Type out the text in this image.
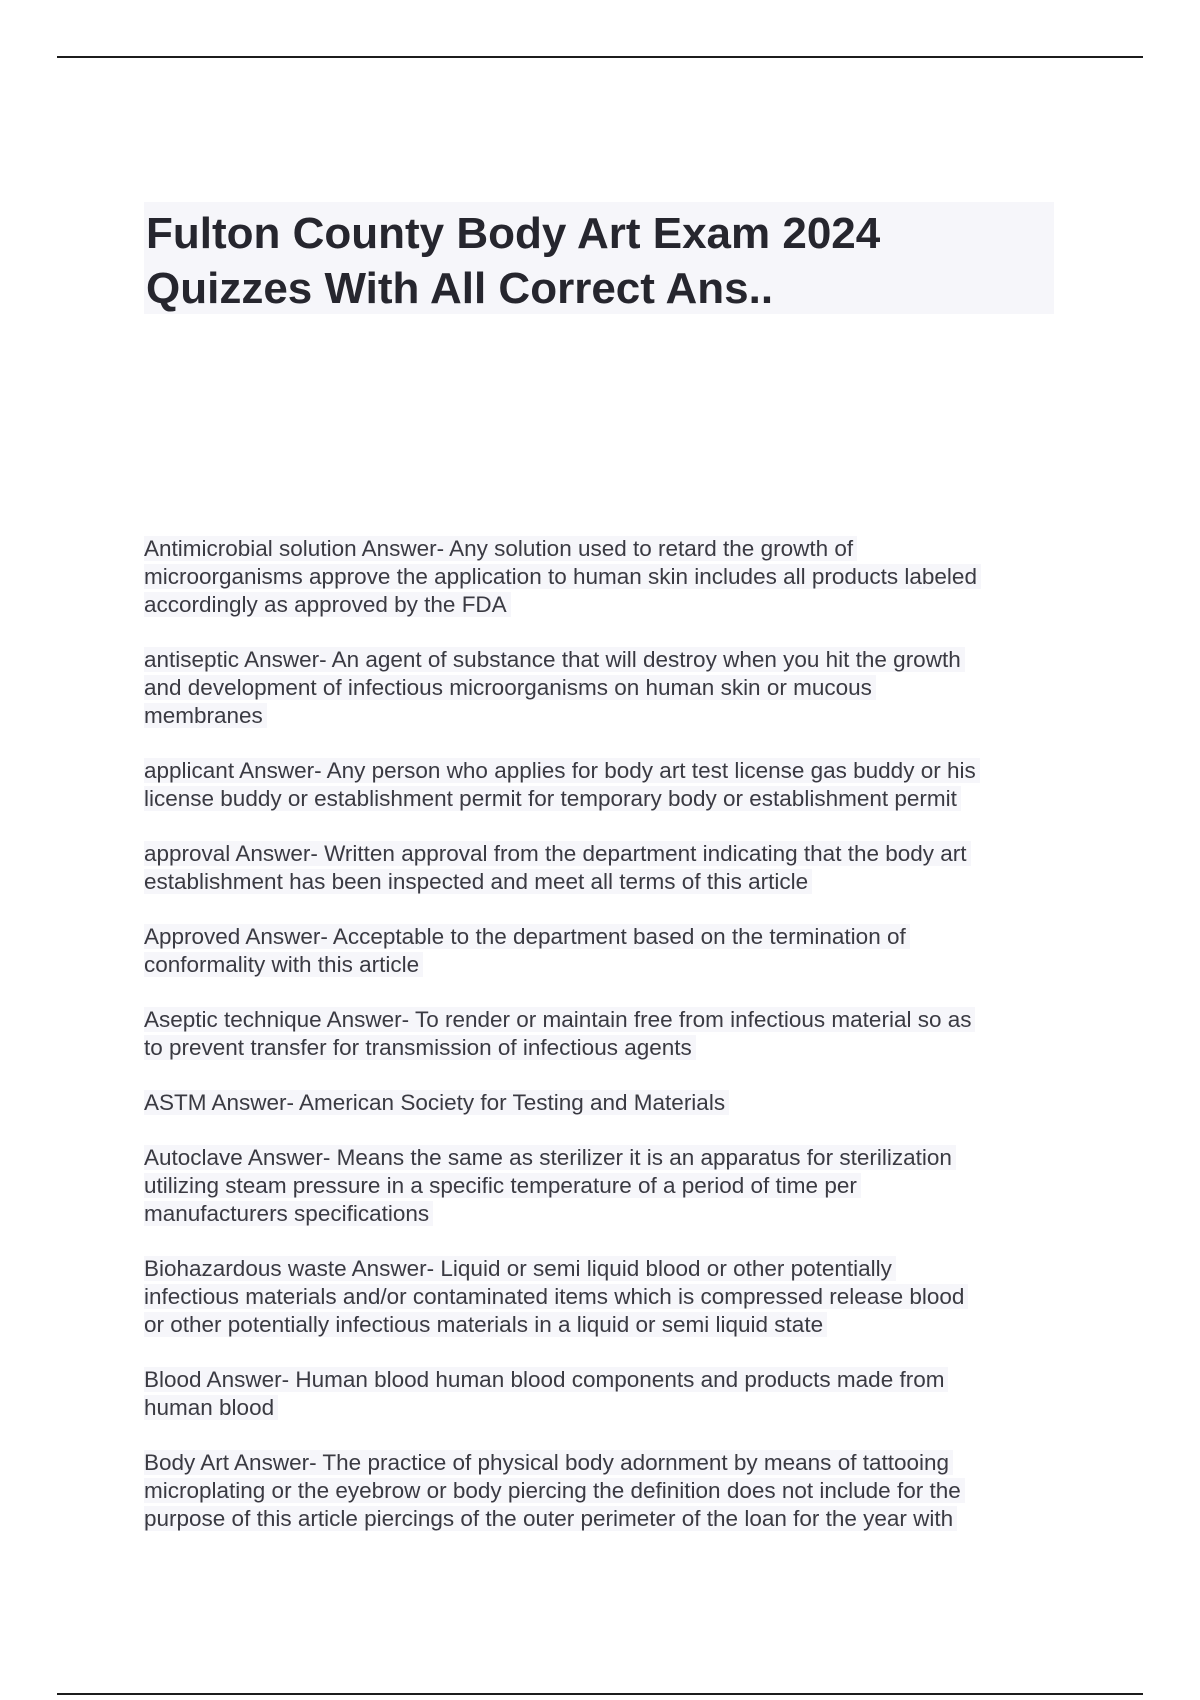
Fulton County Body Art Exam 2024
Quizzes With All Correct Ans..
Antimicrobial solution Answer- Any solution used to retard the growth of
microorganisms approve the application to human skin includes all products labeled
accordingly as approved by the FDA
antiseptic Answer- An agent of substance that will destroy when you hit the growth
and development of infectious microorganisms on human skin or mucous
membranes
applicant Answer- Any person who applies for body art test license gas buddy or his
license buddy or establishment permit for temporary body or establishment permit
approval Answer- Written approval from the department indicating that the body art
establishment has been inspected and meet all terms of this article
Approved Answer- Acceptable to the department based on the termination of
conformality with this article
Aseptic technique Answer- To render or maintain free from infectious material so as
to prevent transfer for transmission of infectious agents
ASTM Answer- American Society for Testing and Materials
Autoclave Answer- Means the same as sterilizer it is an apparatus for sterilization
utilizing steam pressure in a specific temperature of a period of time per
manufacturers specifications
Biohazardous waste Answer- Liquid or semi liquid blood or other potentially
infectious materials and/or contaminated items which is compressed release blood
or other potentially infectious materials in a liquid or semi liquid state
Blood Answer- Human blood human blood components and products made from
human blood
Body Art Answer- The practice of physical body adornment by means of tattooing
microplating or the eyebrow or body piercing the definition does not include for the
purpose of this article piercings of the outer perimeter of the loan for the year with
